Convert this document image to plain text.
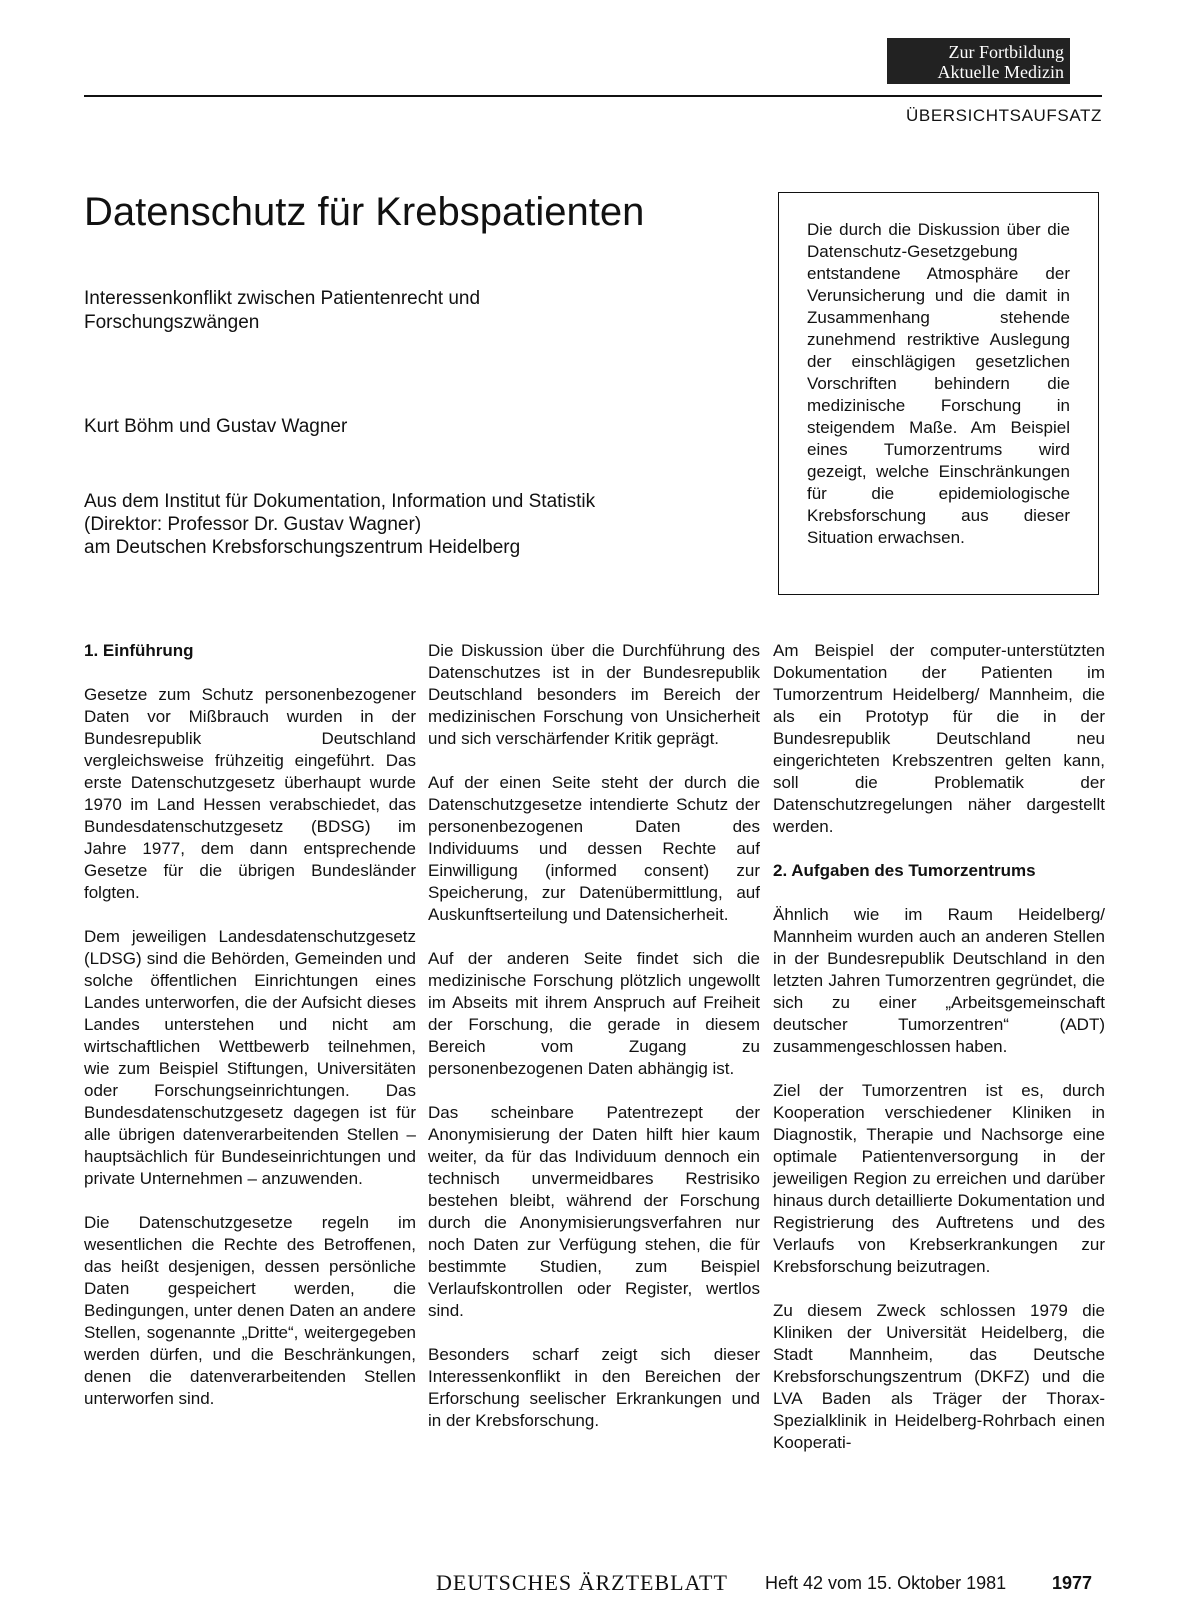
Zur Fortbildung
Aktuelle Medizin
ÜBERSICHTSAUFSATZ
Datenschutz für Krebspatienten
Interessenkonflikt zwischen Patientenrecht und Forschungszwängen
Kurt Böhm und Gustav Wagner
Aus dem Institut für Dokumentation, Information und Statistik
(Direktor: Professor Dr. Gustav Wagner)
am Deutschen Krebsforschungszentrum Heidelberg
Die durch die Diskussion über die Datenschutz-Gesetzgebung entstandene Atmosphäre der Verunsicherung und die damit in Zusammenhang stehende zunehmend restriktive Auslegung der einschlägigen gesetzlichen Vorschriften behindern die medizinische Forschung in steigendem Maße. Am Beispiel eines Tumorzentrums wird gezeigt, welche Einschränkungen für die epidemiologische Krebsforschung aus dieser Situation erwachsen.
1. Einführung

Gesetze zum Schutz personenbezogener Daten vor Mißbrauch wurden in der Bundesrepublik Deutschland vergleichsweise frühzeitig eingeführt. Das erste Datenschutzgesetz überhaupt wurde 1970 im Land Hessen verabschiedet, das Bundesdatenschutzgesetz (BDSG) im Jahre 1977, dem dann entsprechende Gesetze für die übrigen Bundesländer folgten.

Dem jeweiligen Landesdatenschutzgesetz (LDSG) sind die Behörden, Gemeinden und solche öffentlichen Einrichtungen eines Landes unterworfen, die der Aufsicht dieses Landes unterstehen und nicht am wirtschaftlichen Wettbewerb teilnehmen, wie zum Beispiel Stiftungen, Universitäten oder Forschungseinrichtungen. Das Bundesdatenschutzgesetz dagegen ist für alle übrigen datenverarbeitenden Stellen – hauptsächlich für Bundeseinrichtungen und private Unternehmen – anzuwenden.

Die Datenschutzgesetze regeln im wesentlichen die Rechte des Betroffenen, das heißt desjenigen, dessen persönliche Daten gespeichert werden, die Bedingungen, unter denen Daten an andere Stellen, sogenannte „Dritte“, weitergegeben werden dürfen, und die Beschränkungen, denen die datenverarbeitenden Stellen unterworfen sind.

Die Diskussion über die Durchführung des Datenschutzes ist in der Bundesrepublik Deutschland besonders im Bereich der medizinischen Forschung von Unsicherheit und sich verschärfender Kritik geprägt.

Auf der einen Seite steht der durch die Datenschutzgesetze intendierte Schutz der personenbezogenen Daten des Individuums und dessen Rechte auf Einwilligung (informed consent) zur Speicherung, zur Datenübermittlung, auf Auskunftserteilung und Datensicherheit.

Auf der anderen Seite findet sich die medizinische Forschung plötzlich ungewollt im Abseits mit ihrem Anspruch auf Freiheit der Forschung, die gerade in diesem Bereich vom Zugang zu personenbezogenen Daten abhängig ist.

Das scheinbare Patentrezept der Anonymisierung der Daten hilft hier kaum weiter, da für das Individuum dennoch ein technisch unvermeidbares Restrisiko bestehen bleibt, während der Forschung durch die Anonymisierungsverfahren nur noch Daten zur Verfügung stehen, die für bestimmte Studien, zum Beispiel Verlaufskontrollen oder Register, wertlos sind.

Besonders scharf zeigt sich dieser Interessenkonflikt in den Bereichen der Erforschung seelischer Erkrankungen und in der Krebsforschung.

Am Beispiel der computer-unterstützten Dokumentation der Patienten im Tumorzentrum Heidelberg/ Mannheim, die als ein Prototyp für die in der Bundesrepublik Deutschland neu eingerichteten Krebszentren gelten kann, soll die Problematik der Datenschutzregelungen näher dargestellt werden.

2. Aufgaben des Tumorzentrums

Ähnlich wie im Raum Heidelberg/ Mannheim wurden auch an anderen Stellen in der Bundesrepublik Deutschland in den letzten Jahren Tumorzentren gegründet, die sich zu einer „Arbeitsgemeinschaft deutscher Tumorzentren“ (ADT) zusammengeschlossen haben.

Ziel der Tumorzentren ist es, durch Kooperation verschiedener Kliniken in Diagnostik, Therapie und Nachsorge eine optimale Patientenversorgung in der jeweiligen Region zu erreichen und darüber hinaus durch detaillierte Dokumentation und Registrierung des Auftretens und des Verlaufs von Krebserkrankungen zur Krebsforschung beizutragen.

Zu diesem Zweck schlossen 1979 die Kliniken der Universität Heidelberg, die Stadt Mannheim, das Deutsche Krebsforschungszentrum (DKFZ) und die LVA Baden als Träger der Thorax-Spezialklinik in Heidelberg-Rohrbach einen Kooperati-

DEUTSCHES ÄRZTEBLATT Heft 42 vom 15. Oktober 1981	1977
